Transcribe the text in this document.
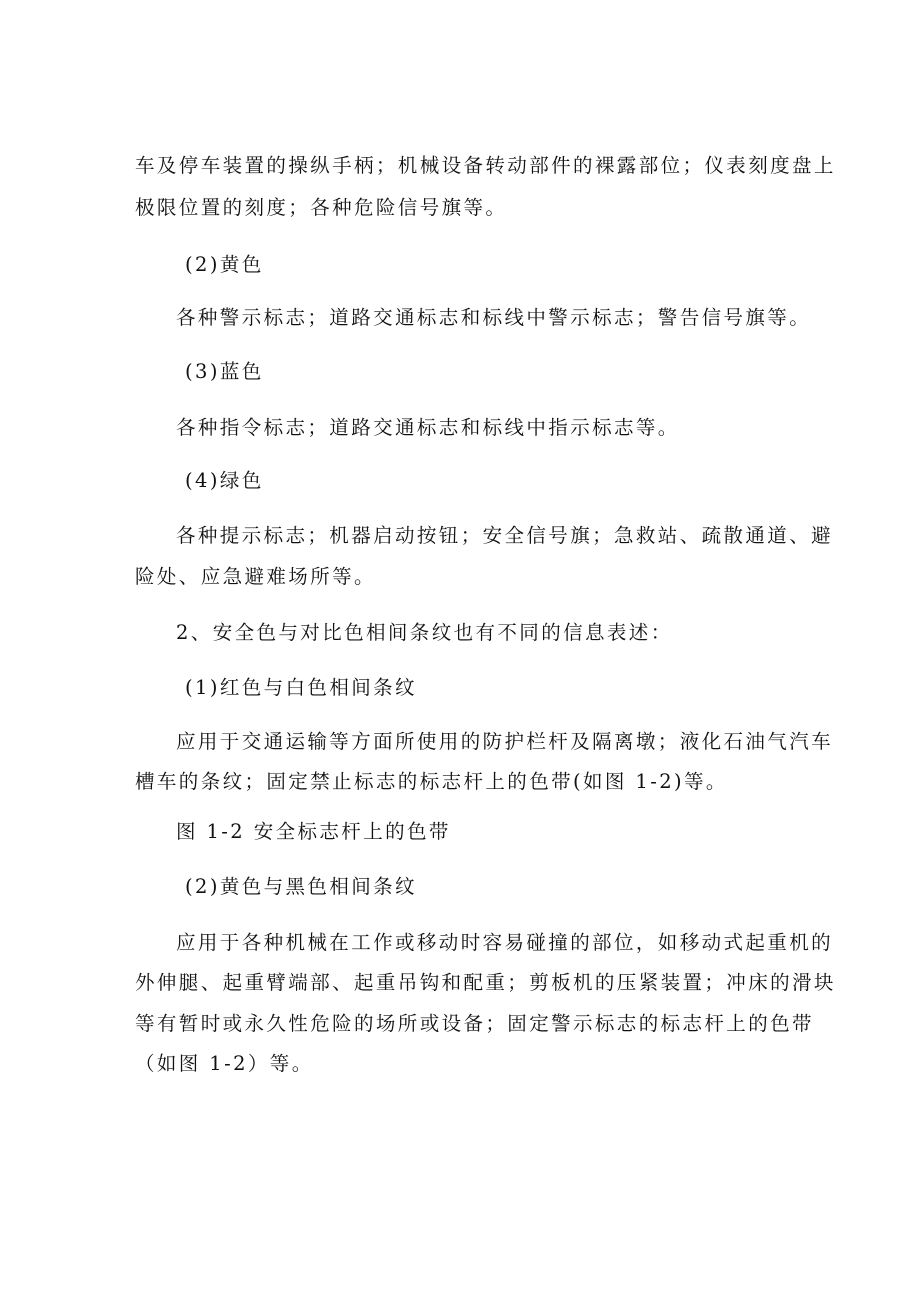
车及停车装置的操纵手柄；机械设备转动部件的裸露部位；仪表刻度盘上

极限位置的刻度；各种危险信号旗等。

(2)黄色

各种警示标志；道路交通标志和标线中警示标志；警告信号旗等。

(3)蓝色

各种指令标志；道路交通标志和标线中指示标志等。

(4)绿色

各种提示标志；机器启动按钮；安全信号旗；急救站、疏散通道、避

险处、应急避难场所等。

2、安全色与对比色相间条纹也有不同的信息表述：

(1)红色与白色相间条纹

应用于交通运输等方面所使用的防护栏杆及隔离墩；液化石油气汽车

槽车的条纹；固定禁止标志的标志杆上的色带(如图 1-2)等。

图 1-2 安全标志杆上的色带

(2)黄色与黑色相间条纹

应用于各种机械在工作或移动时容易碰撞的部位，如移动式起重机的

外伸腿、起重臂端部、起重吊钩和配重；剪板机的压紧装置；冲床的滑块

等有暂时或永久性危险的场所或设备；固定警示标志的标志杆上的色带

（如图 1-2）等。
